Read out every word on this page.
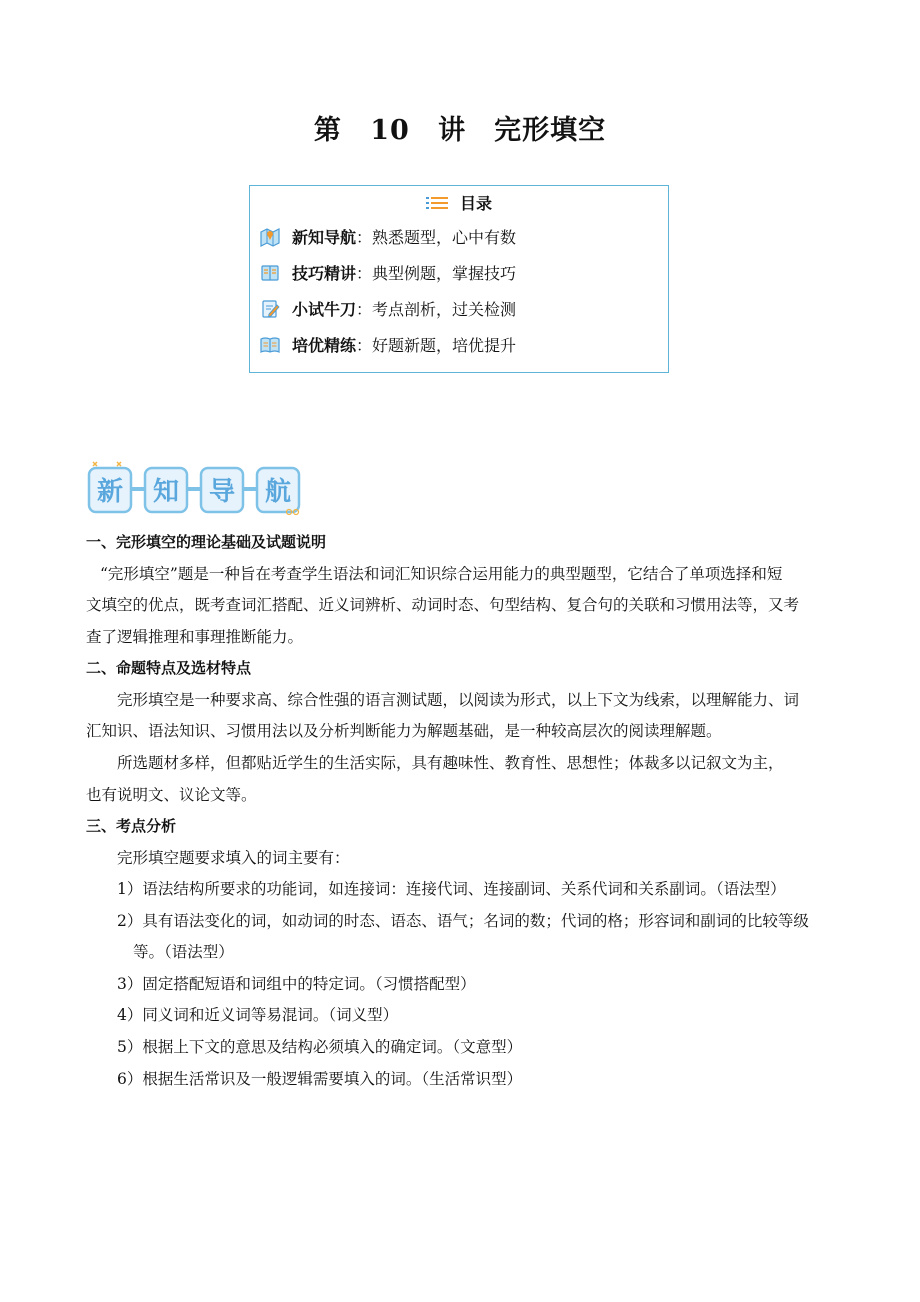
第 10 讲　完形填空
目录
新知导航：熟悉题型，心中有数
技巧精讲：典型例题，掌握技巧
小试牛刀：考点剖析，过关检测
培优精练：好题新题，培优提升
新 知 导 航
一、完形填空的理论基础及试题说明
“完形填空”题是一种旨在考查学生语法和词汇知识综合运用能力的典型题型，它结合了单项选择和短
文填空的优点，既考查词汇搭配、近义词辨析、动词时态、句型结构、复合句的关联和习惯用法等，又考
查了逻辑推理和事理推断能力。
二、命题特点及选材特点
完形填空是一种要求高、综合性强的语言测试题，以阅读为形式，以上下文为线索，以理解能力、词
汇知识、语法知识、习惯用法以及分析判断能力为解题基础，是一种较高层次的阅读理解题。
所选题材多样，但都贴近学生的生活实际，具有趣味性、教育性、思想性；体裁多以记叙文为主，
也有说明文、议论文等。
三、考点分析
完形填空题要求填入的词主要有：
1）语法结构所要求的功能词，如连接词：连接代词、连接副词、关系代词和关系副词。（语法型）
2）具有语法变化的词，如动词的时态、语态、语气；名词的数；代词的格；形容词和副词的比较等级
等。（语法型）
3）固定搭配短语和词组中的特定词。（习惯搭配型）
4）同义词和近义词等易混词。（词义型）
5）根据上下文的意思及结构必须填入的确定词。（文意型）
6）根据生活常识及一般逻辑需要填入的词。（生活常识型）
